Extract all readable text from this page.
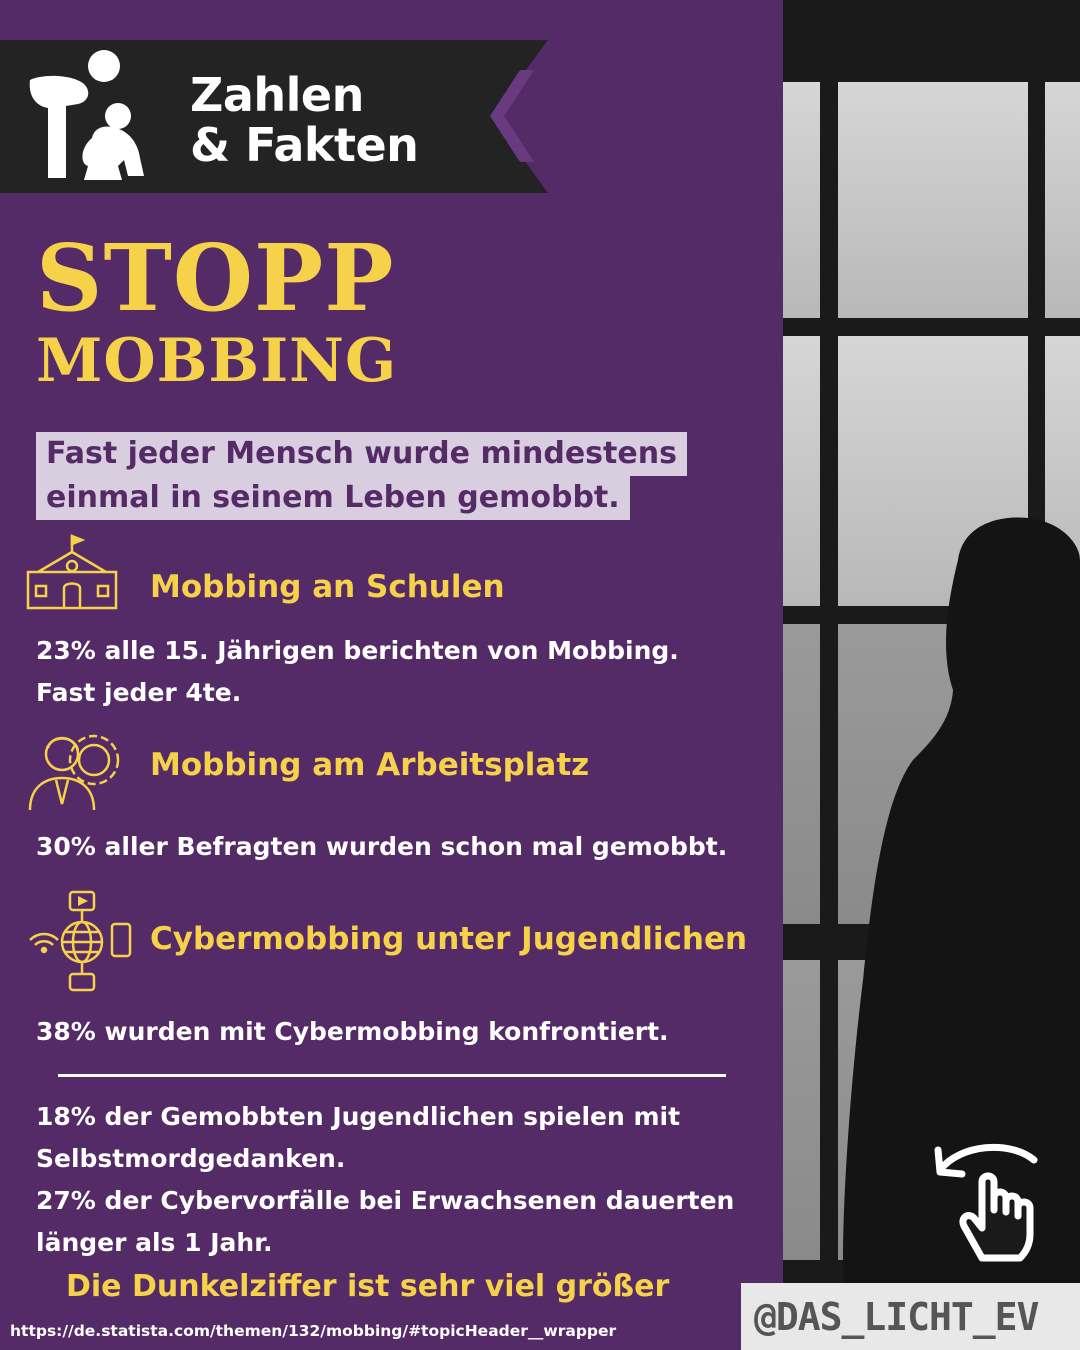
Zahlen
& Fakten
STOPP
MOBBING
Fast jeder Mensch wurde mindestens
einmal in seinem Leben gemobbt.
Mobbing an Schulen
23% alle 15. Jährigen berichten von Mobbing.
Fast jeder 4te.
Mobbing am Arbeitsplatz
30% aller Befragten wurden schon mal gemobbt.
Cybermobbing unter Jugendlichen
38% wurden mit Cybermobbing konfrontiert.
18% der Gemobbten Jugendlichen spielen mit
Selbstmordgedanken.
27% der Cybervorfälle bei Erwachsenen dauerten
länger als 1 Jahr.
Die Dunkelziffer ist sehr viel größer
https://de.statista.com/themen/132/mobbing/#topicHeader__wrapper	@DAS_LICHT_EV
